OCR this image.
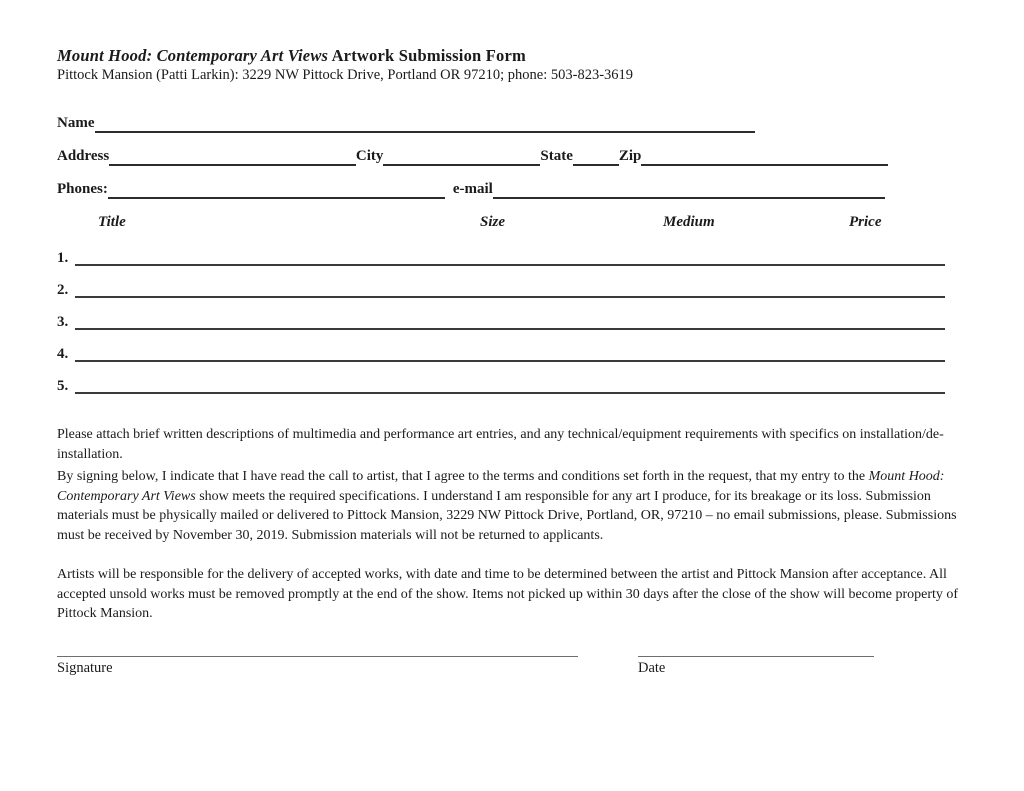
Mount Hood: Contemporary Art Views Artwork Submission Form
Pittock Mansion (Patti Larkin): 3229 NW Pittock Drive, Portland OR 97210; phone: 503-823-3619
Name
Address	City	State	Zip
Phones:	e-mail
Title	Size	Medium	Price
1.
2.
3.
4.
5.
Please attach brief written descriptions of multimedia and performance art entries, and any technical/equipment requirements with specifics on installation/de-installation.
By signing below, I indicate that I have read the call to artist, that I agree to the terms and conditions set forth in the request, that my entry to the Mount Hood: Contemporary Art Views show meets the required specifications. I understand I am responsible for any art I produce, for its breakage or its loss. Submission materials must be physically mailed or delivered to Pittock Mansion, 3229 NW Pittock Drive, Portland, OR, 97210 – no email submissions, please. Submissions must be received by November 30, 2019. Submission materials will not be returned to applicants.
Artists will be responsible for the delivery of accepted works, with date and time to be determined between the artist and Pittock Mansion after acceptance. All accepted unsold works must be removed promptly at the end of the show. Items not picked up within 30 days after the close of the show will become property of Pittock Mansion.
Signature	Date
